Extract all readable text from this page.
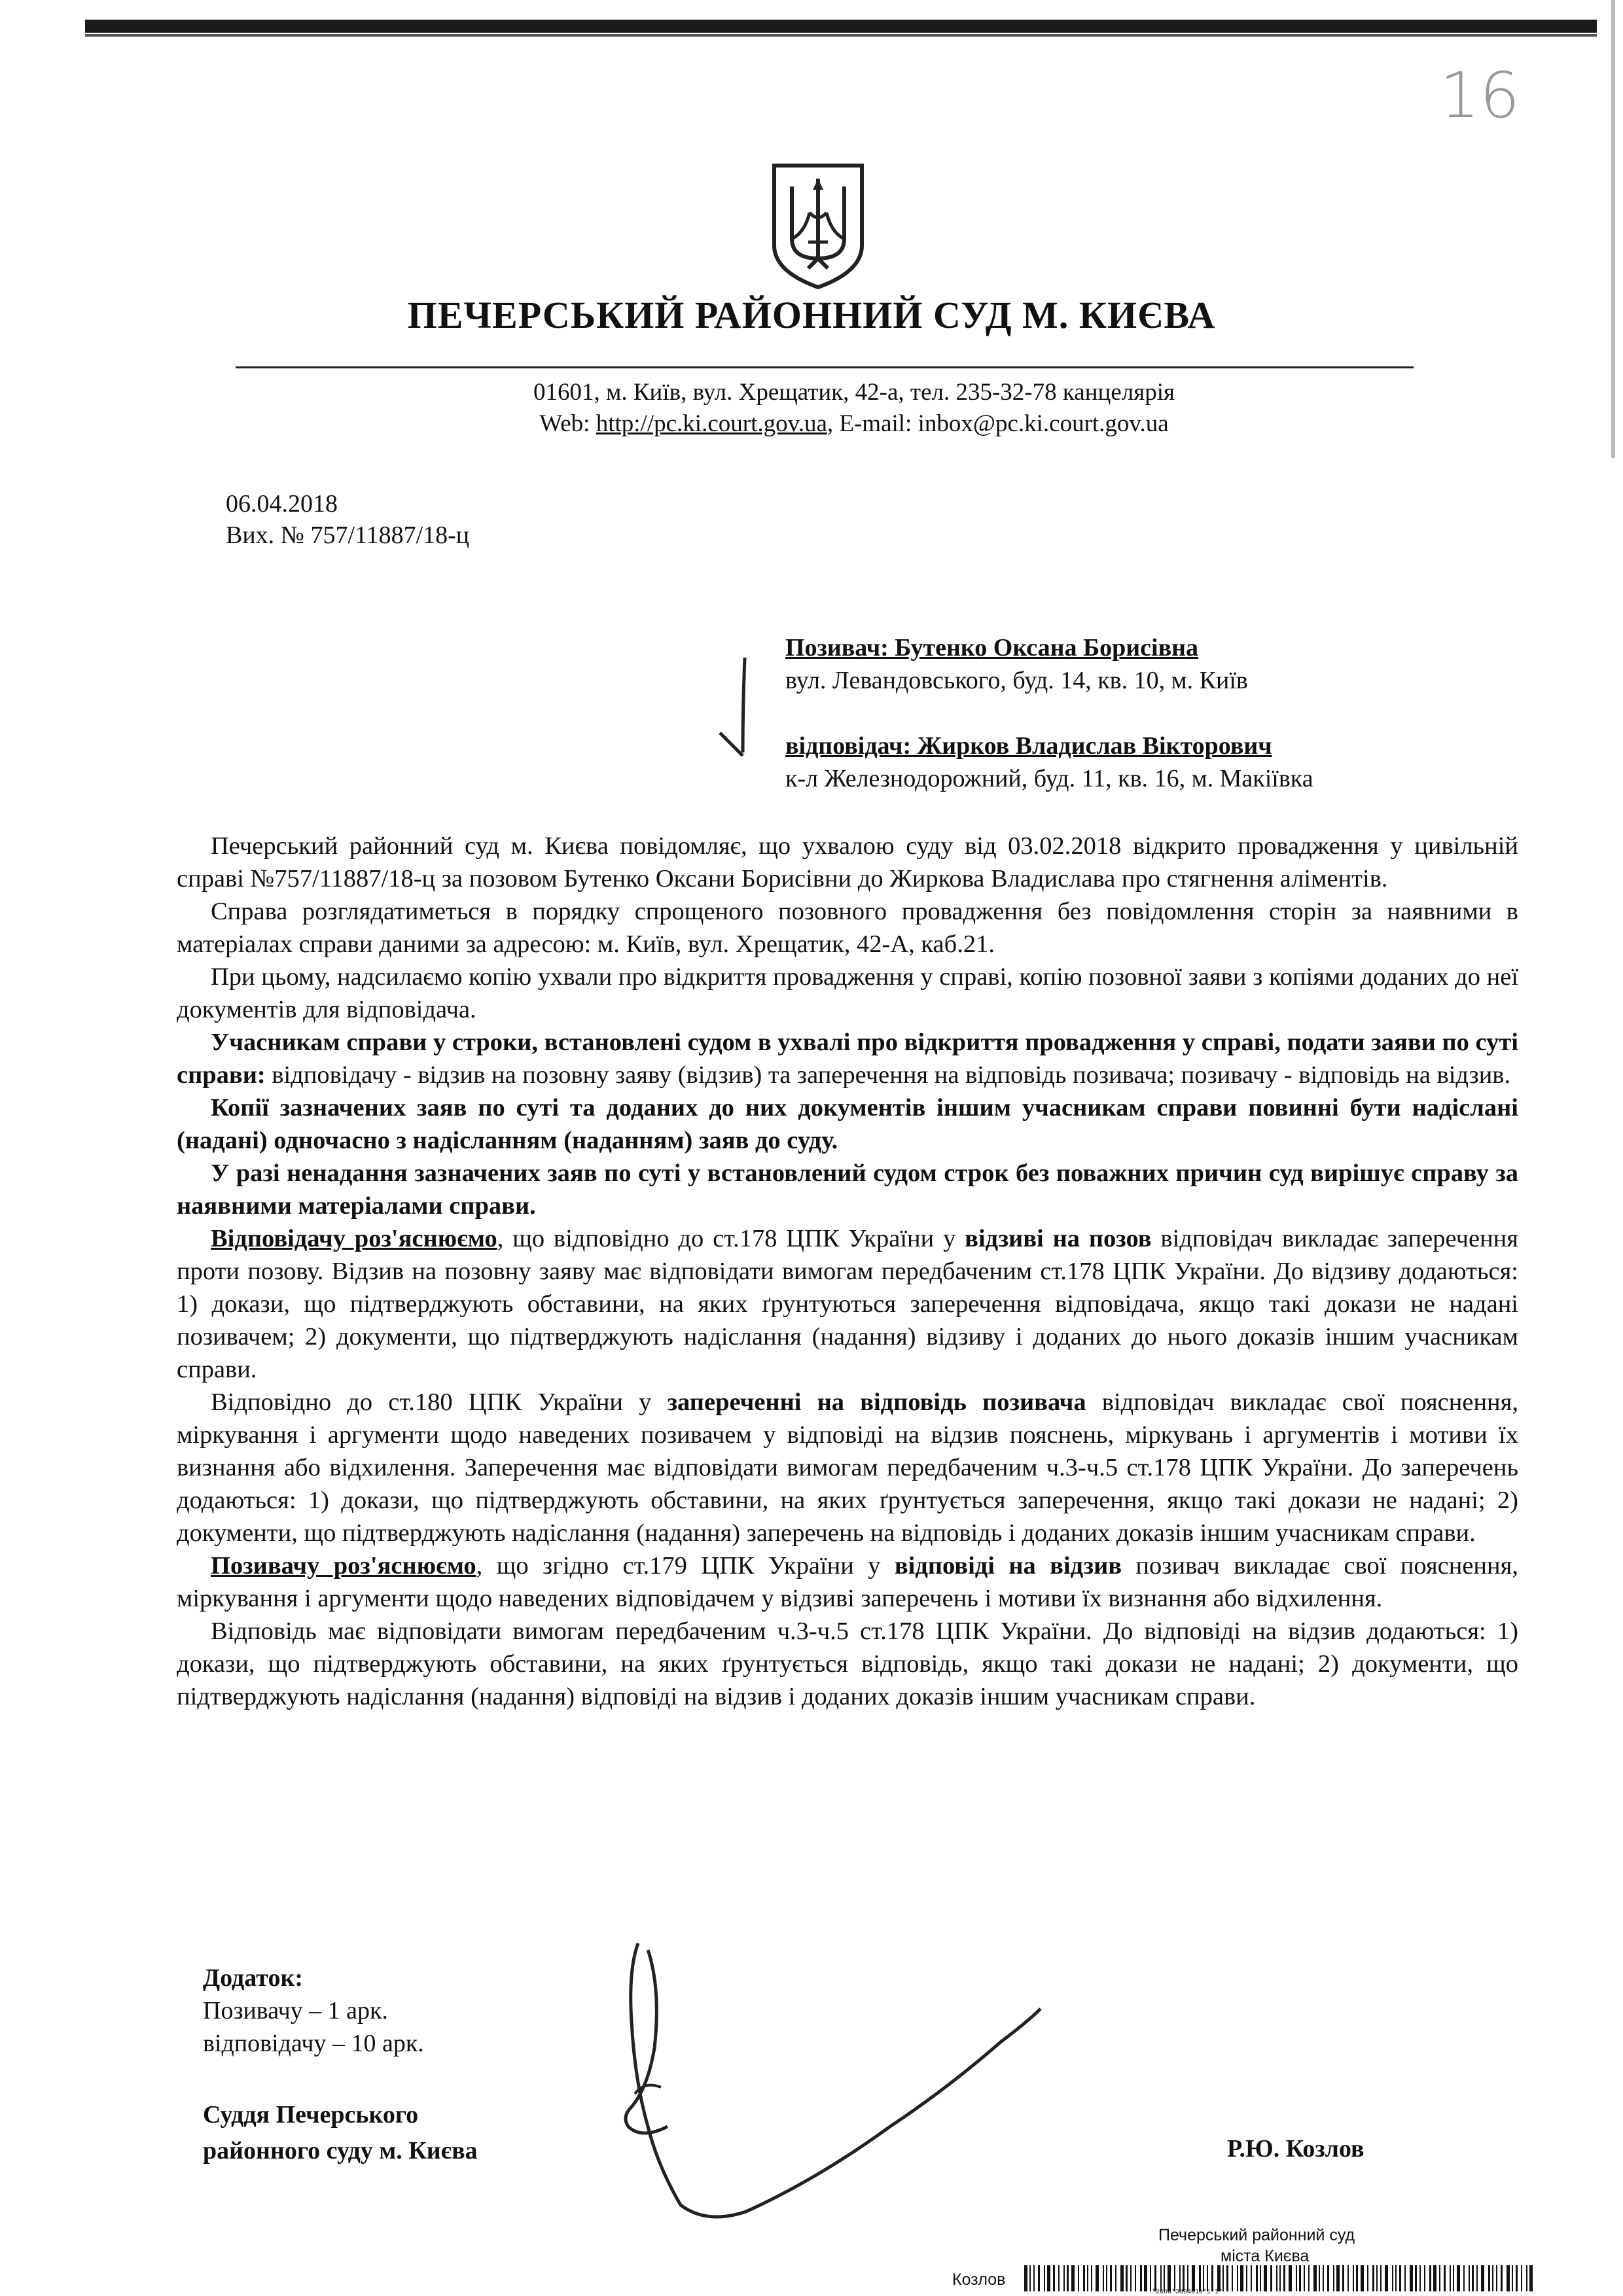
16
ПЕЧЕРСЬКИЙ РАЙОННИЙ СУД М. КИЄВА
01601, м. Київ, вул. Хрещатик, 42-а, тел. 235-32-78 канцелярія
Web: http://pc.ki.court.gov.ua, E-mail: inbox@pc.ki.court.gov.ua
06.04.2018
Вих. № 757/11887/18-ц
Позивач: Бутенко Оксана Борисівна
вул. Левандовського, буд. 14, кв. 10, м. Київ
відповідач: Жирков Владислав Вікторович
к-л Железнодорожний, буд. 11, кв. 16, м. Макіївка

Печерський районний суд м. Києва повідомляє, що ухвалою суду від 03.02.2018 відкрито провадження у цивільній справі №757/11887/18-ц за позовом Бутенко Оксани Борисівни до Жиркова Владислава про стягнення аліментів.

Справа розглядатиметься в порядку спрощеного позовного провадження без повідомлення сторін за наявними в матеріалах справи даними за адресою: м. Київ, вул. Хрещатик, 42-А, каб.21.

При цьому, надсилаємо копію ухвали про відкриття провадження у справі, копію позовної заяви з копіями доданих до неї документів для відповідача.

Учасникам справи у строки, встановлені судом в ухвалі про відкриття провадження у справі, подати заяви по суті справи: відповідачу - відзив на позовну заяву (відзив) та заперечення на відповідь позивача; позивачу - відповідь на відзив.

Копії зазначених заяв по суті та доданих до них документів іншим учасникам справи повинні бути надіслані (надані) одночасно з надісланням (наданням) заяв до суду.

У разі ненадання зазначених заяв по суті у встановлений судом строк без поважних причин суд вирішує справу за наявними матеріалами справи.

Відповідачу роз'яснюємо, що відповідно до ст.178 ЦПК України у відзиві на позов відповідач викладає заперечення проти позову. Відзив на позовну заяву має відповідати вимогам передбаченим ст.178 ЦПК України. До відзиву додаються: 1) докази, що підтверджують обставини, на яких ґрунтуються заперечення відповідача, якщо такі докази не надані позивачем; 2) документи, що підтверджують надіслання (надання) відзиву і доданих до нього доказів іншим учасникам справи.

Відповідно до ст.180 ЦПК України у запереченні на відповідь позивача відповідач викладає свої пояснення, міркування і аргументи щодо наведених позивачем у відповіді на відзив пояснень, міркувань і аргументів і мотиви їх визнання або відхилення. Заперечення має відповідати вимогам передбаченим ч.3-ч.5 ст.178 ЦПК України. До заперечень додаються: 1) докази, що підтверджують обставини, на яких ґрунтується заперечення, якщо такі докази не надані; 2) документи, що підтверджують надіслання (надання) заперечень на відповідь і доданих доказів іншим учасникам справи.

Позивачу роз'яснюємо, що згідно ст.179 ЦПК України у відповіді на відзив позивач викладає свої пояснення, міркування і аргументи щодо наведених відповідачем у відзиві заперечень і мотиви їх визнання або відхилення.

Відповідь має відповідати вимогам передбаченим ч.3-ч.5 ст.178 ЦПК України. До відповіді на відзив додаються: 1) докази, що підтверджують обставини, на яких ґрунтується відповідь, якщо такі докази не надані; 2) документи, що підтверджують надіслання (надання) відповіді на відзив і доданих доказів іншим учасникам справи.

Додаток:
Позивачу – 1 арк.
відповідачу – 10 арк.
Суддя Печерського
районного суду м. Києва	Р.Ю. Козлов
Печерський районний суд
міста Києва
Козлов
*2606*3894010*1*1*
